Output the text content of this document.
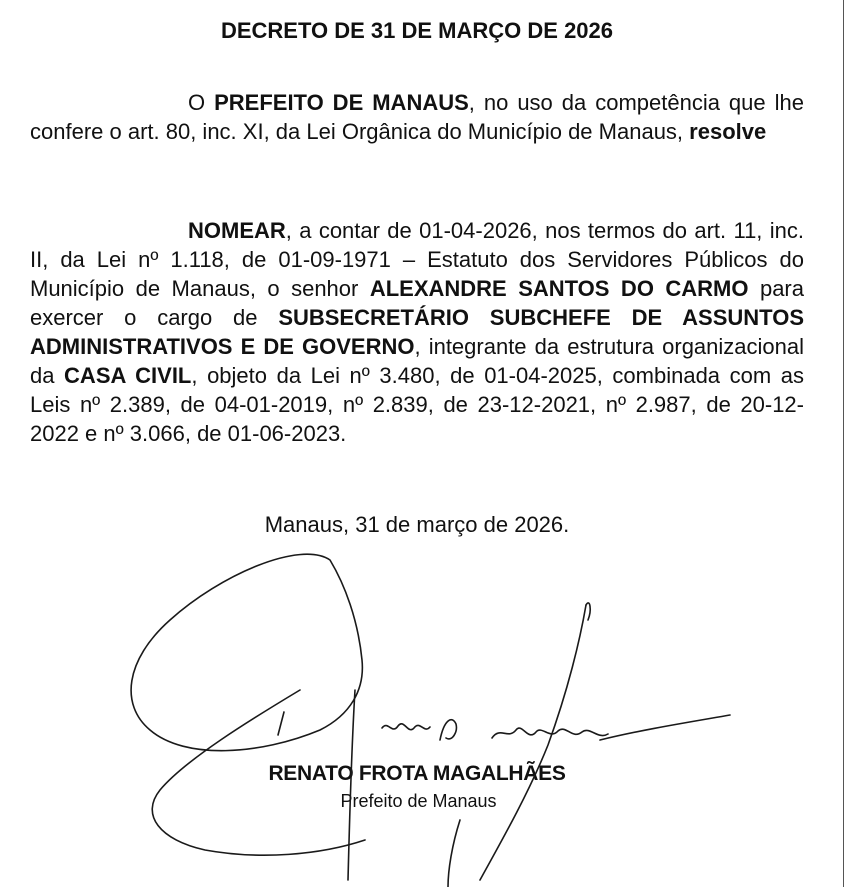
DECRETO DE 31 DE MARÇO DE 2026
O PREFEITO DE MANAUS, no uso da competência que lhe confere o art. 80, inc. XI, da Lei Orgânica do Município de Manaus, resolve
NOMEAR, a contar de 01-04-2026, nos termos do art. 11, inc. II, da Lei nº 1.118, de 01-09-1971 – Estatuto dos Servidores Públicos do Município de Manaus, o senhor ALEXANDRE SANTOS DO CARMO para exercer o cargo de SUBSECRETÁRIO SUBCHEFE DE ASSUNTOS ADMINISTRATIVOS E DE GOVERNO, integrante da estrutura organizacional da CASA CIVIL, objeto da Lei nº 3.480, de 01-04-2025, combinada com as Leis nº 2.389, de 04-01-2019, nº 2.839, de 23-12-2021, nº 2.987, de 20-12-2022 e nº 3.066, de 01-06-2023.
Manaus, 31 de março de 2026.
RENATO FROTA MAGALHÃES
Prefeito de Manaus
